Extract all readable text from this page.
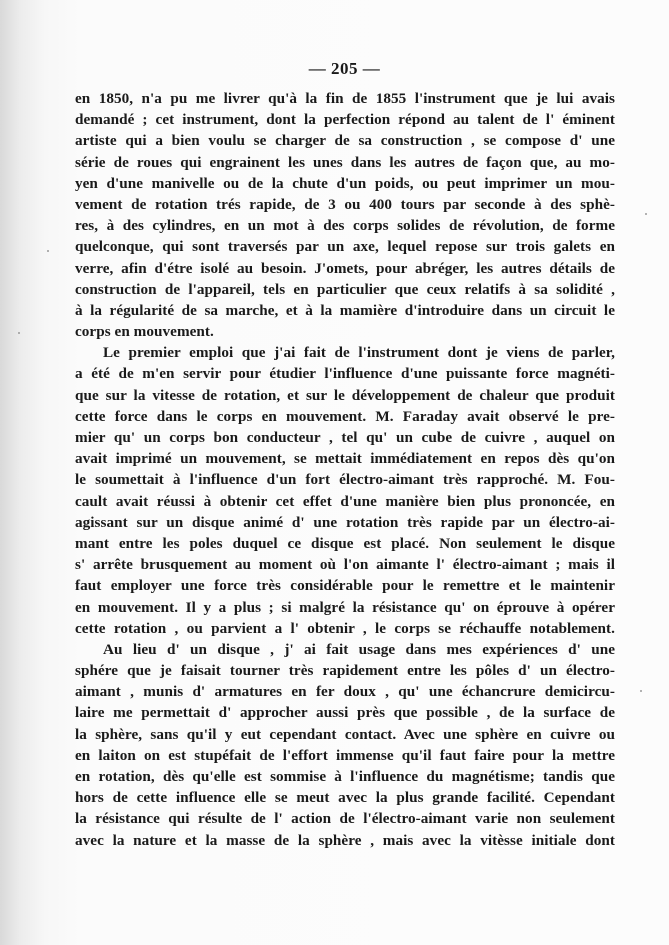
— 205 —
en 1850, n'a pu me livrer qu'à la fin de 1855 l'instrument que je lui avais
demandé ; cet instrument, dont la perfection répond au talent de l' éminent
artiste qui a bien voulu se charger de sa construction , se compose d' une
série de roues qui engrainent les unes dans les autres de façon que, au mo-
yen d'une manivelle ou de la chute d'un poids, ou peut imprimer un mou-
vement de rotation trés rapide, de 3 ou 400 tours par seconde à des sphè-
res, à des cylindres, en un mot à des corps solides de révolution, de forme
quelconque, qui sont traversés par un axe, lequel repose sur trois galets en
verre, afin d'étre isolé au besoin. J'omets, pour abréger, les autres détails de
construction de l'appareil, tels en particulier que ceux relatifs à sa solidité ,
à la régularité de sa marche, et à la mamière d'introduire dans un circuit le
corps en mouvement.
Le premier emploi que j'ai fait de l'instrument dont je viens de parler,
a été de m'en servir pour étudier l'influence d'une puissante force magnéti-
que sur la vitesse de rotation, et sur le développement de chaleur que produit
cette force dans le corps en mouvement. M. Faraday avait observé le pre-
mier qu' un corps bon conducteur , tel qu' un cube de cuivre , auquel on
avait imprimé un mouvement, se mettait immédiatement en repos dès qu'on
le soumettait à l'influence d'un fort électro-aimant très rapproché. M. Fou-
cault avait réussi à obtenir cet effet d'une manière bien plus prononcée, en
agissant sur un disque animé d' une rotation très rapide par un électro-ai-
mant entre les poles duquel ce disque est placé. Non seulement le disque
s' arrête brusquement au moment où l'on aimante l' électro-aimant ; mais il
faut employer une force très considérable pour le remettre et le maintenir
en mouvement. Il y a plus ; si malgré la résistance qu' on éprouve à opérer
cette rotation , ou parvient a l' obtenir , le corps se réchauffe notablement.
Au lieu d' un disque , j' ai fait usage dans mes expériences d' une
sphére que je faisait tourner très rapidement entre les pôles d' un électro-
aimant , munis d' armatures en fer doux , qu' une échancrure demicircu-
laire me permettait d' approcher aussi près que possible , de la surface de
la sphère, sans qu'il y eut cependant contact. Avec une sphère en cuivre ou
en laiton on est stupéfait de l'effort immense qu'il faut faire pour la mettre
en rotation, dès qu'elle est sommise à l'influence du magnétisme; tandis que
hors de cette influence elle se meut avec la plus grande facilité. Cependant
la résistance qui résulte de l' action de l'électro-aimant varie non seulement
avec la nature et la masse de la sphère , mais avec la vitèsse initiale dont
